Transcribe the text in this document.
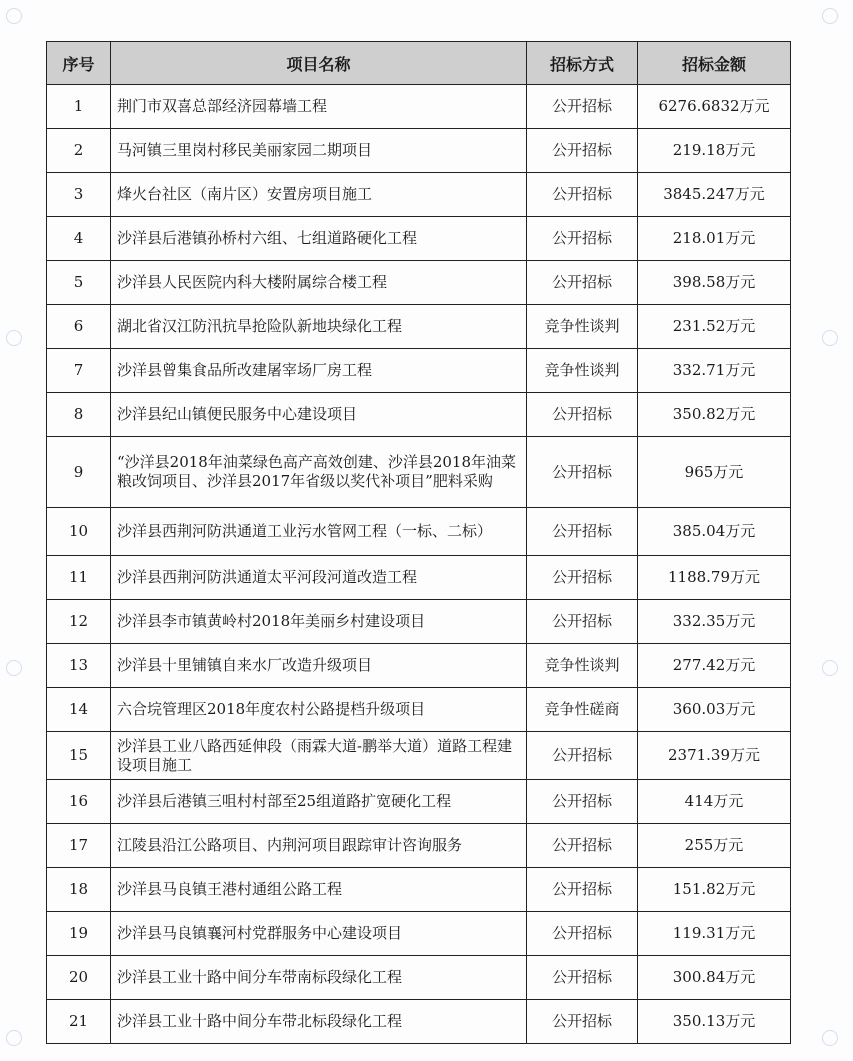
序号	项目名称	招标方式	招标金额
1	荆门市双喜总部经济园幕墙工程	公开招标	6276.6832万元
2	马河镇三里岗村移民美丽家园二期项目	公开招标	219.18万元
3	烽火台社区（南片区）安置房项目施工	公开招标	3845.247万元
4	沙洋县后港镇孙桥村六组、七组道路硬化工程	公开招标	218.01万元
5	沙洋县人民医院内科大楼附属综合楼工程	公开招标	398.58万元
6	湖北省汉江防汛抗旱抢险队新地块绿化工程	竞争性谈判	231.52万元
7	沙洋县曾集食品所改建屠宰场厂房工程	竞争性谈判	332.71万元
8	沙洋县纪山镇便民服务中心建设项目	公开招标	350.82万元
9	“沙洋县2018年油菜绿色高产高效创建、沙洋县2018年油菜粮改饲项目、沙洋县2017年省级以奖代补项目”肥料采购	公开招标	965万元
10	沙洋县西荆河防洪通道工业污水管网工程（一标、二标）	公开招标	385.04万元
11	沙洋县西荆河防洪通道太平河段河道改造工程	公开招标	1188.79万元
12	沙洋县李市镇黄岭村2018年美丽乡村建设项目	公开招标	332.35万元
13	沙洋县十里铺镇自来水厂改造升级项目	竞争性谈判	277.42万元
14	六合垸管理区2018年度农村公路提档升级项目	竞争性磋商	360.03万元
15	沙洋县工业八路西延伸段（雨霖大道-鹏举大道）道路工程建设项目施工	公开招标	2371.39万元
16	沙洋县后港镇三咀村村部至25组道路扩宽硬化工程	公开招标	414万元
17	江陵县沿江公路项目、内荆河项目跟踪审计咨询服务	公开招标	255万元
18	沙洋县马良镇王港村通组公路工程	公开招标	151.82万元
19	沙洋县马良镇襄河村党群服务中心建设项目	公开招标	119.31万元
20	沙洋县工业十路中间分车带南标段绿化工程	公开招标	300.84万元
21	沙洋县工业十路中间分车带北标段绿化工程	公开招标	350.13万元
